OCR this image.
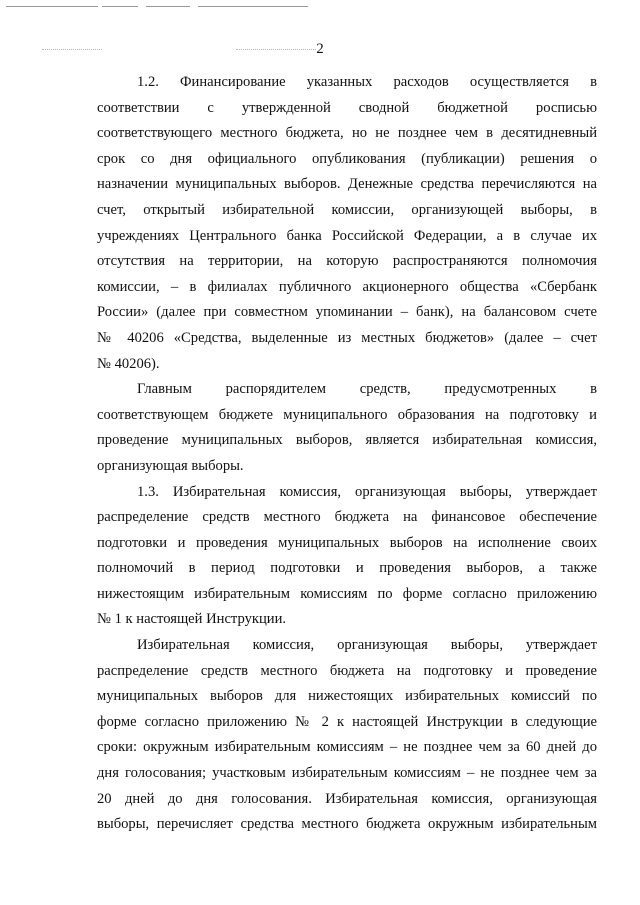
2

1.2. Финансирование указанных расходов осуществляется в

соответствии с утвержденной сводной бюджетной росписью

соответствующего местного бюджета, но не позднее чем в десятидневный

срок со дня официального опубликования (публикации) решения о

назначении муниципальных выборов. Денежные средства перечисляются на

счет, открытый избирательной комиссии, организующей выборы, в

учреждениях Центрального банка Российской Федерации, а в случае их

отсутствия на территории, на которую распространяются полномочия

комиссии, – в филиалах публичного акционерного общества «Сбербанк

России» (далее при совместном упоминании – банк), на балансовом счете

№ 40206 «Средства, выделенные из местных бюджетов» (далее – счет

№ 40206).

Главным распорядителем средств, предусмотренных в

соответствующем бюджете муниципального образования на подготовку и

проведение муниципальных выборов, является избирательная комиссия,

организующая выборы.

1.3. Избирательная комиссия, организующая выборы, утверждает

распределение средств местного бюджета на финансовое обеспечение

подготовки и проведения муниципальных выборов на исполнение своих

полномочий в период подготовки и проведения выборов, а также

нижестоящим избирательным комиссиям по форме согласно приложению

№ 1 к настоящей Инструкции.

Избирательная комиссия, организующая выборы, утверждает

распределение средств местного бюджета на подготовку и проведение

муниципальных выборов для нижестоящих избирательных комиссий по

форме согласно приложению № 2 к настоящей Инструкции в следующие

сроки: окружным избирательным комиссиям – не позднее чем за 60 дней до

дня голосования; участковым избирательным комиссиям – не позднее чем за

20 дней до дня голосования. Избирательная комиссия, организующая

выборы, перечисляет средства местного бюджета окружным избирательным
